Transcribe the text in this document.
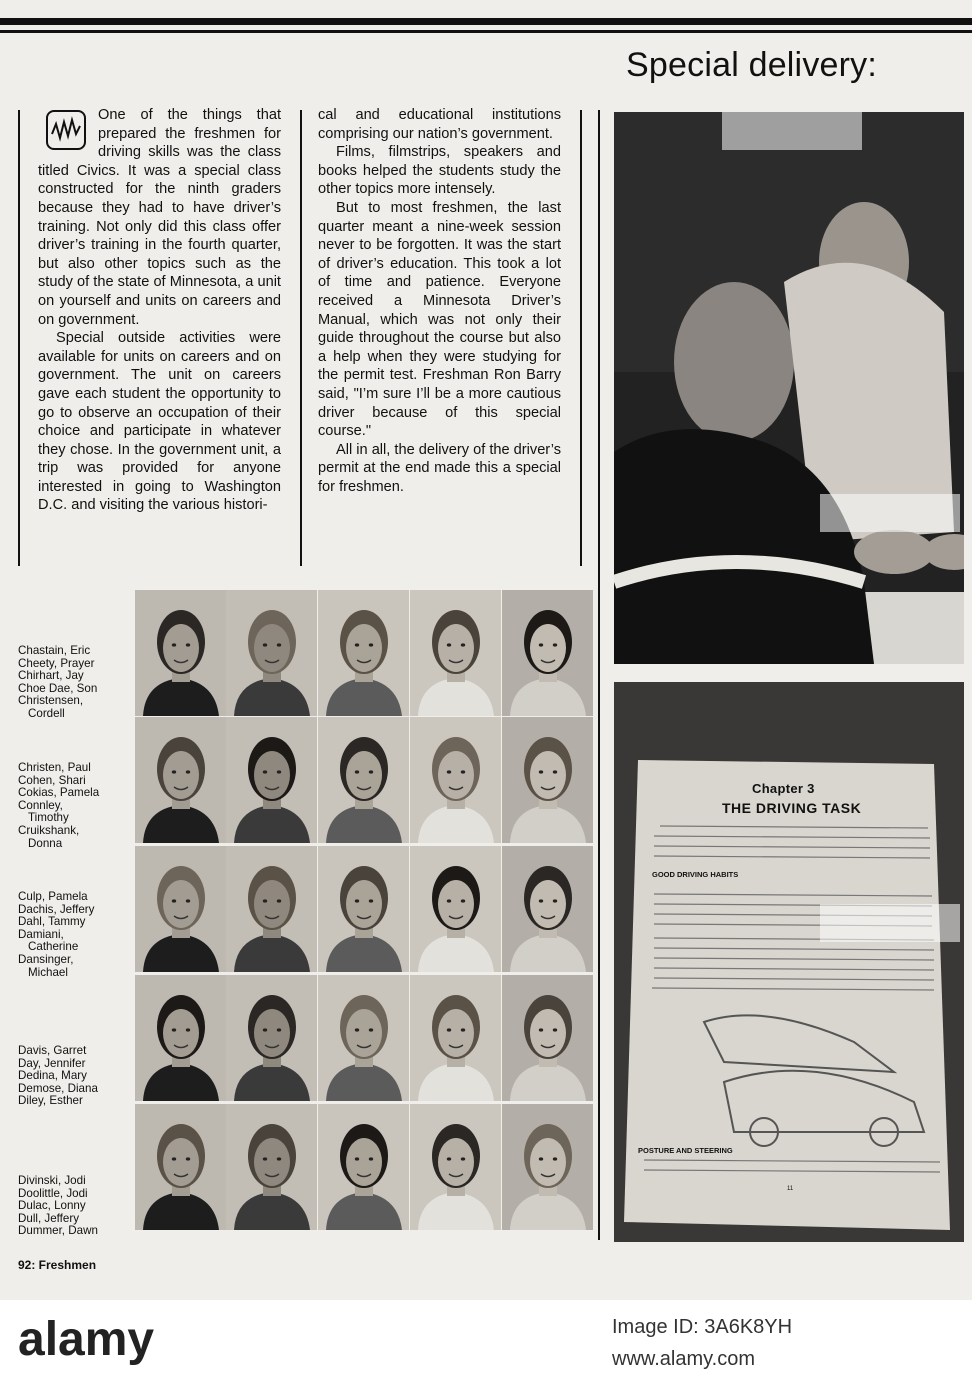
Special delivery:

One of the things that prepared the freshmen for driving skills was the class titled Civics. It was a special class constructed for the ninth graders because they had to have driver’s training. Not only did this class offer driver’s training in the fourth quarter, but also other topics such as the study of the state of Minnesota, a unit on yourself and units on careers and on government.

Special outside activities were available for units on careers and on government. The unit on careers gave each student the opportunity to go to observe an occupation of their choice and participate in whatever they chose. In the government unit, a trip was provided for anyone interested in going to Washington D.C. and visiting the various histori-

cal and educational institutions comprising our nation’s government.

Films, filmstrips, speakers and books helped the students study the other topics more intensely.

But to most freshmen, the last quarter meant a nine-week session never to be forgotten. It was the start of driver’s education. This took a lot of time and patience. Everyone received a Minnesota Driver’s Manual, which was not only their guide throughout the course but also a help when they were studying for the permit test. Freshman Ron Barry said, "I’m sure I’ll be a more cautious driver because of this special course."

All in all, the delivery of the driver’s permit at the end made this a special for freshmen.

Chapter 3
THE DRIVING TASK
GOOD DRIVING HABITS
POSTURE AND STEERING
11
Chastain, Eric
Cheety, Prayer
Chirhart, Jay
Choe Dae, Son
Christensen,
Cordell
Christen, Paul
Cohen, Shari
Cokias, Pamela
Connley,
Timothy
Cruikshank,
Donna
Culp, Pamela
Dachis, Jeffery
Dahl, Tammy
Damiani,
Catherine
Dansinger,
Michael
Davis, Garret
Day, Jennifer
Dedina, Mary
Demose, Diana
Diley, Esther
Divinski, Jodi
Doolittle, Jodi
Dulac, Lonny
Dull, Jeffery
Dummer, Dawn
92: Freshmen
alamy	Image ID: 3A6K8YH
www.alamy.com
